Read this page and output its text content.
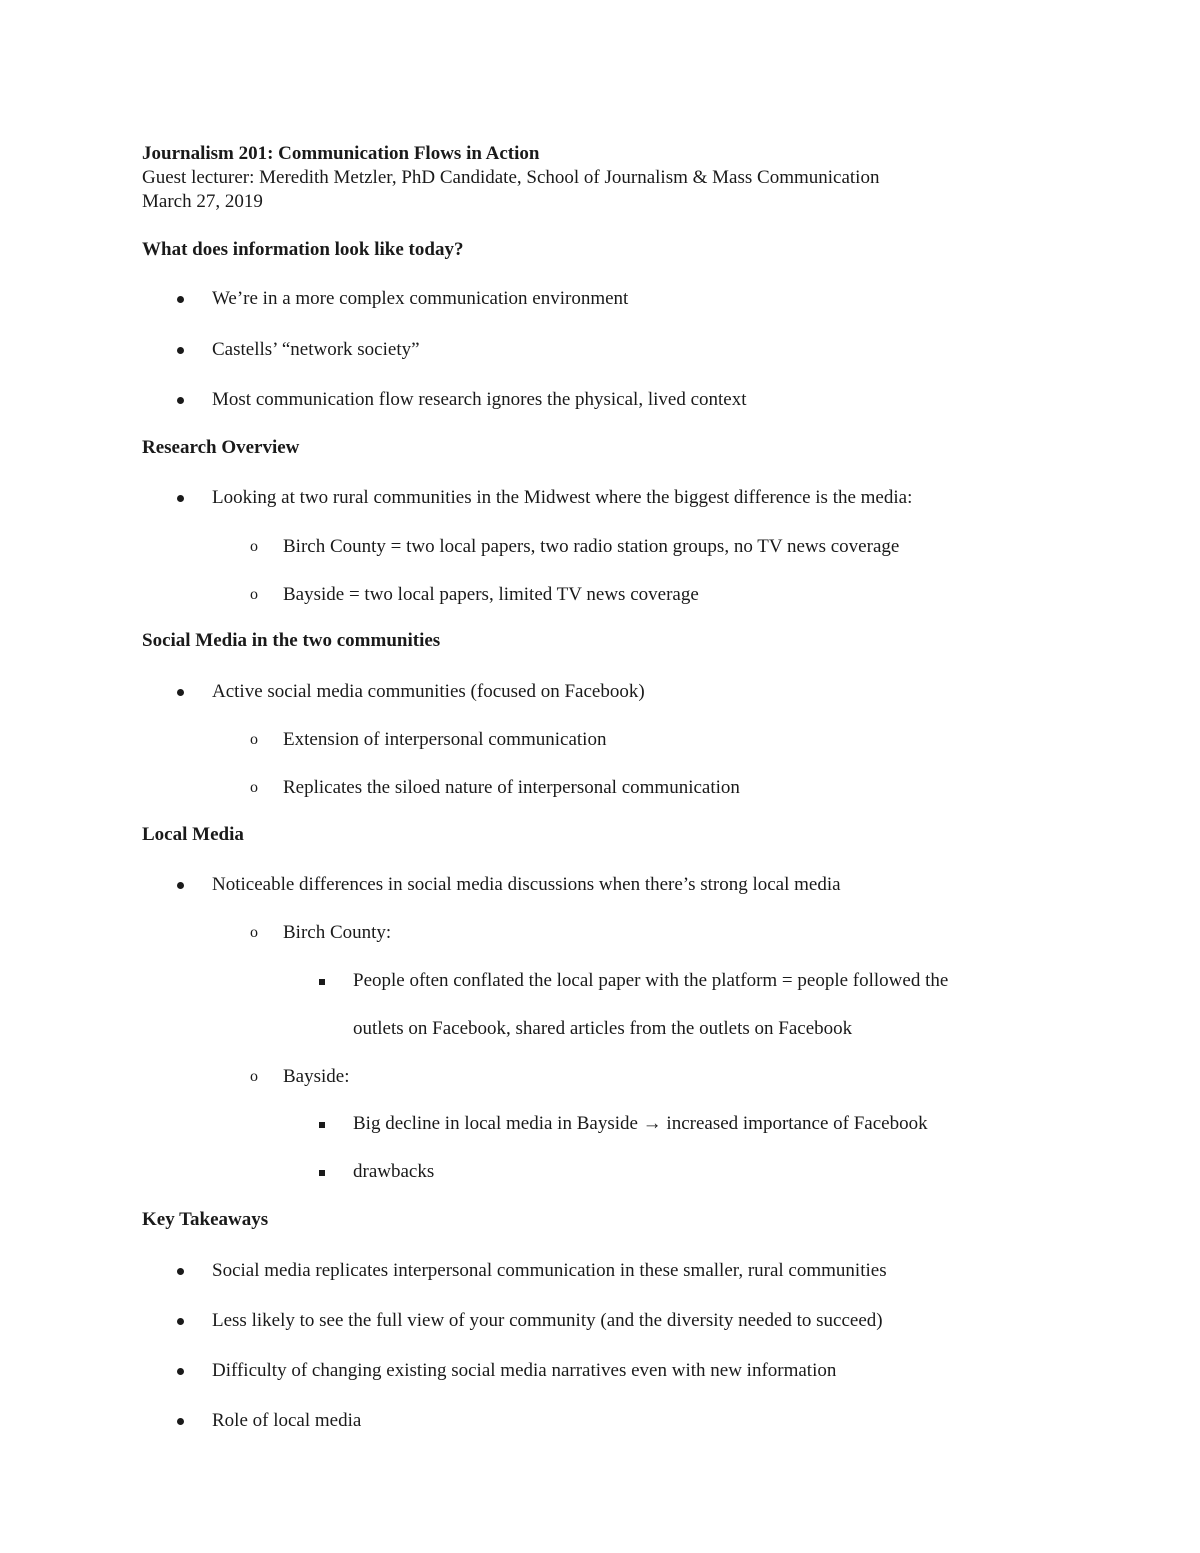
Journalism 201: Communication Flows in Action
Guest lecturer: Meredith Metzler, PhD Candidate, School of Journalism & Mass Communication
March 27, 2019
What does information look like today?
We’re in a more complex communication environment
Castells’ “network society”
Most communication flow research ignores the physical, lived context
Research Overview
Looking at two rural communities in the Midwest where the biggest difference is the media:
o Birch County = two local papers, two radio station groups, no TV news coverage
o Bayside = two local papers, limited TV news coverage
Social Media in the two communities
Active social media communities (focused on Facebook)
o Extension of interpersonal communication
o Replicates the siloed nature of interpersonal communication
Local Media
Noticeable differences in social media discussions when there’s strong local media
o Birch County:
People often conflated the local paper with the platform = people followed the
outlets on Facebook, shared articles from the outlets on Facebook
o Bayside:
Big decline in local media in Bayside → increased importance of Facebook
drawbacks
Key Takeaways
Social media replicates interpersonal communication in these smaller, rural communities
Less likely to see the full view of your community (and the diversity needed to succeed)
Difficulty of changing existing social media narratives even with new information
Role of local media
